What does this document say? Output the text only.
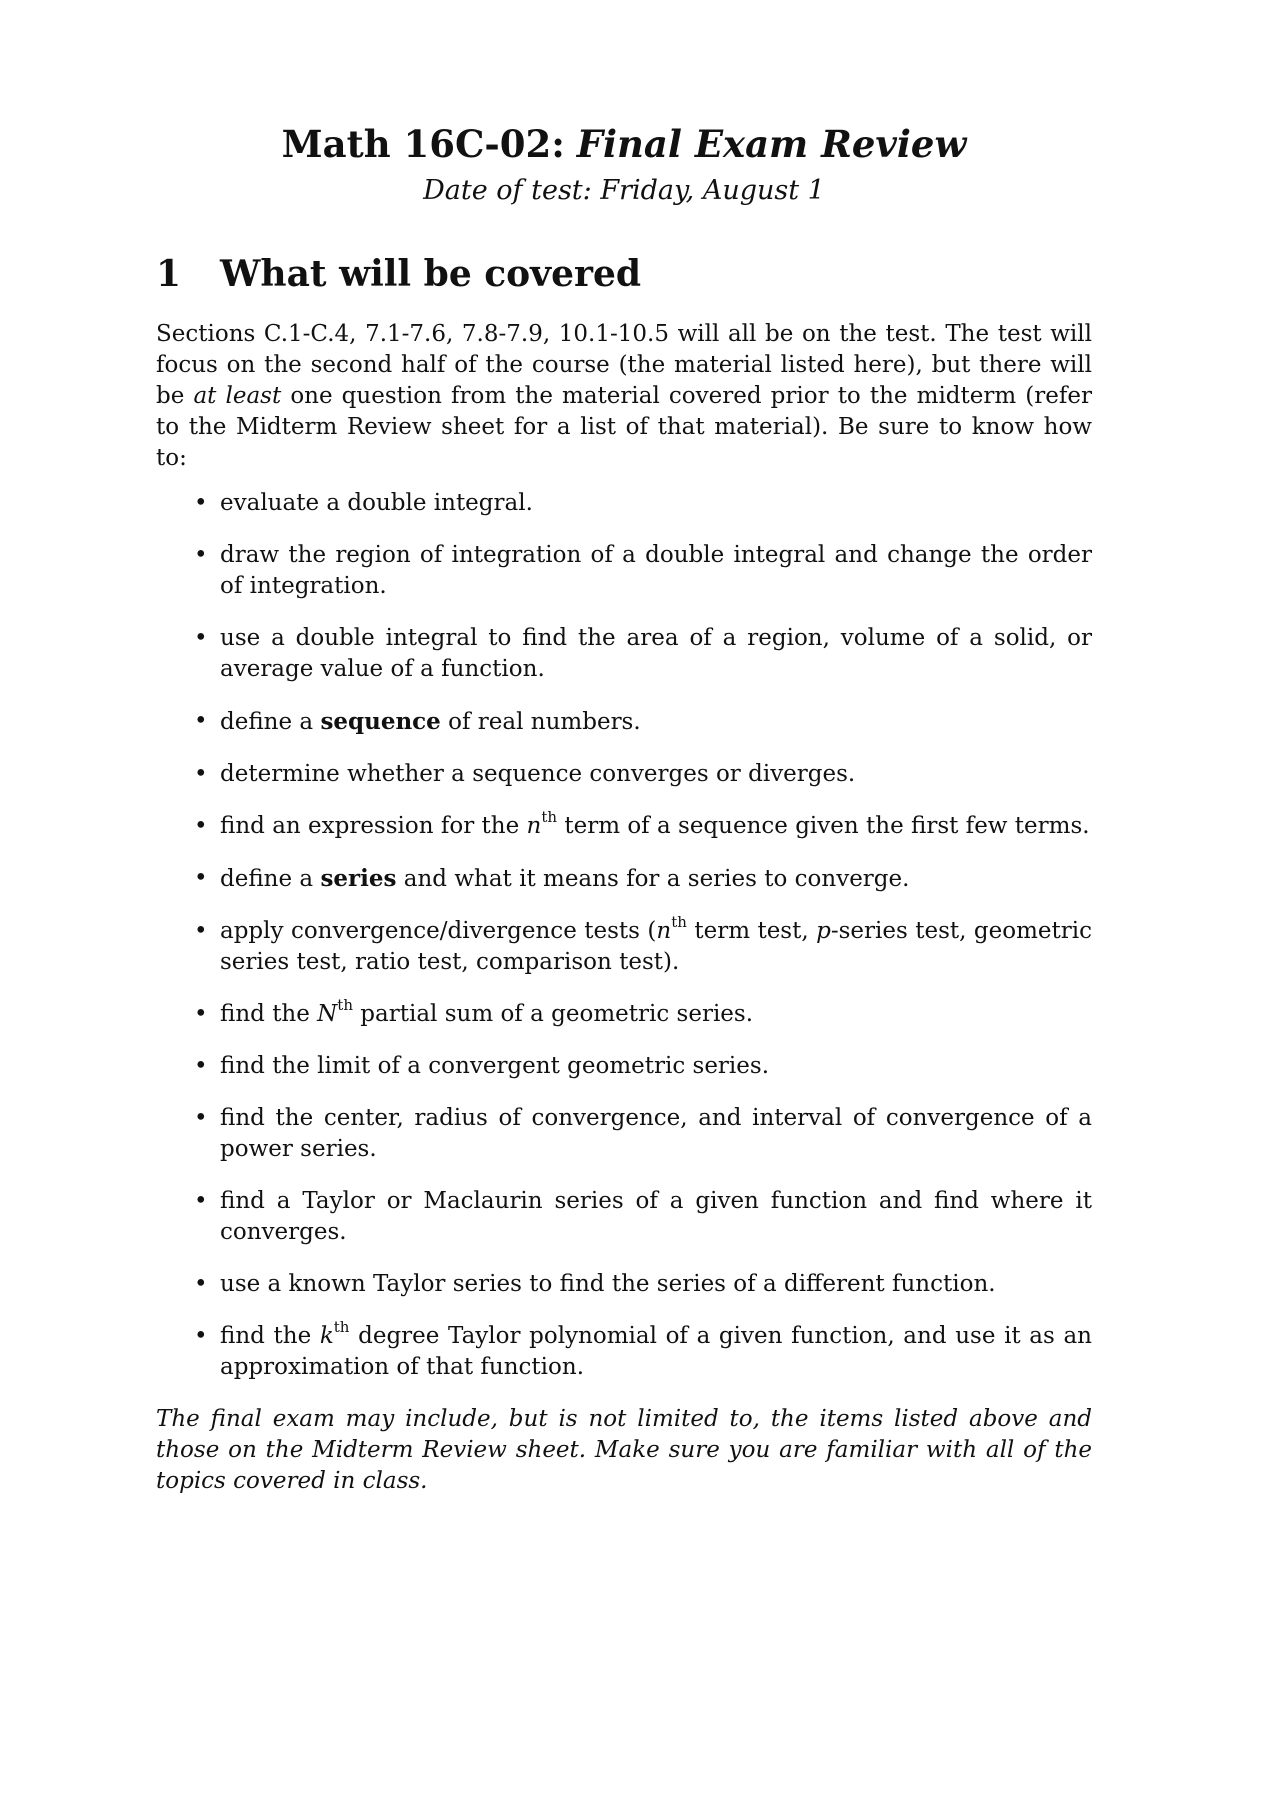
Math 16C-02: Final Exam Review
Date of test: Friday, August 1
1	What will be covered

Sections C.1-C.4, 7.1-7.6, 7.8-7.9, 10.1-10.5 will all be on the test. The test will focus on the second half of the course (the material listed here), but there will be at least one question from the material covered prior to the midterm (refer to the Midterm Review sheet for a list of that material). Be sure to know how to:

• evaluate a double integral.
• draw the region of integration of a double integral and change the order of integration.
• use a double integral to find the area of a region, volume of a solid, or average value of a function.
• define a sequence of real numbers.
• determine whether a sequence converges or diverges.
• find an expression for the $n^{th}$ term of a sequence given the first few terms.
• define a series and what it means for a series to converge.
• apply convergence/divergence tests ($n^{th}$ term test, p-series test, geometric series test, ratio test, comparison test).
• find the $N^{th}$ partial sum of a geometric series.
• find the limit of a convergent geometric series.
• find the center, radius of convergence, and interval of convergence of a power series.
• find a Taylor or Maclaurin series of a given function and find where it converges.
• use a known Taylor series to find the series of a different function.
• find the $k^{th}$ degree Taylor polynomial of a given function, and use it as an approximation of that function.

The final exam may include, but is not limited to, the items listed above and those on the Midterm Review sheet. Make sure you are familiar with all of the topics covered in class.
